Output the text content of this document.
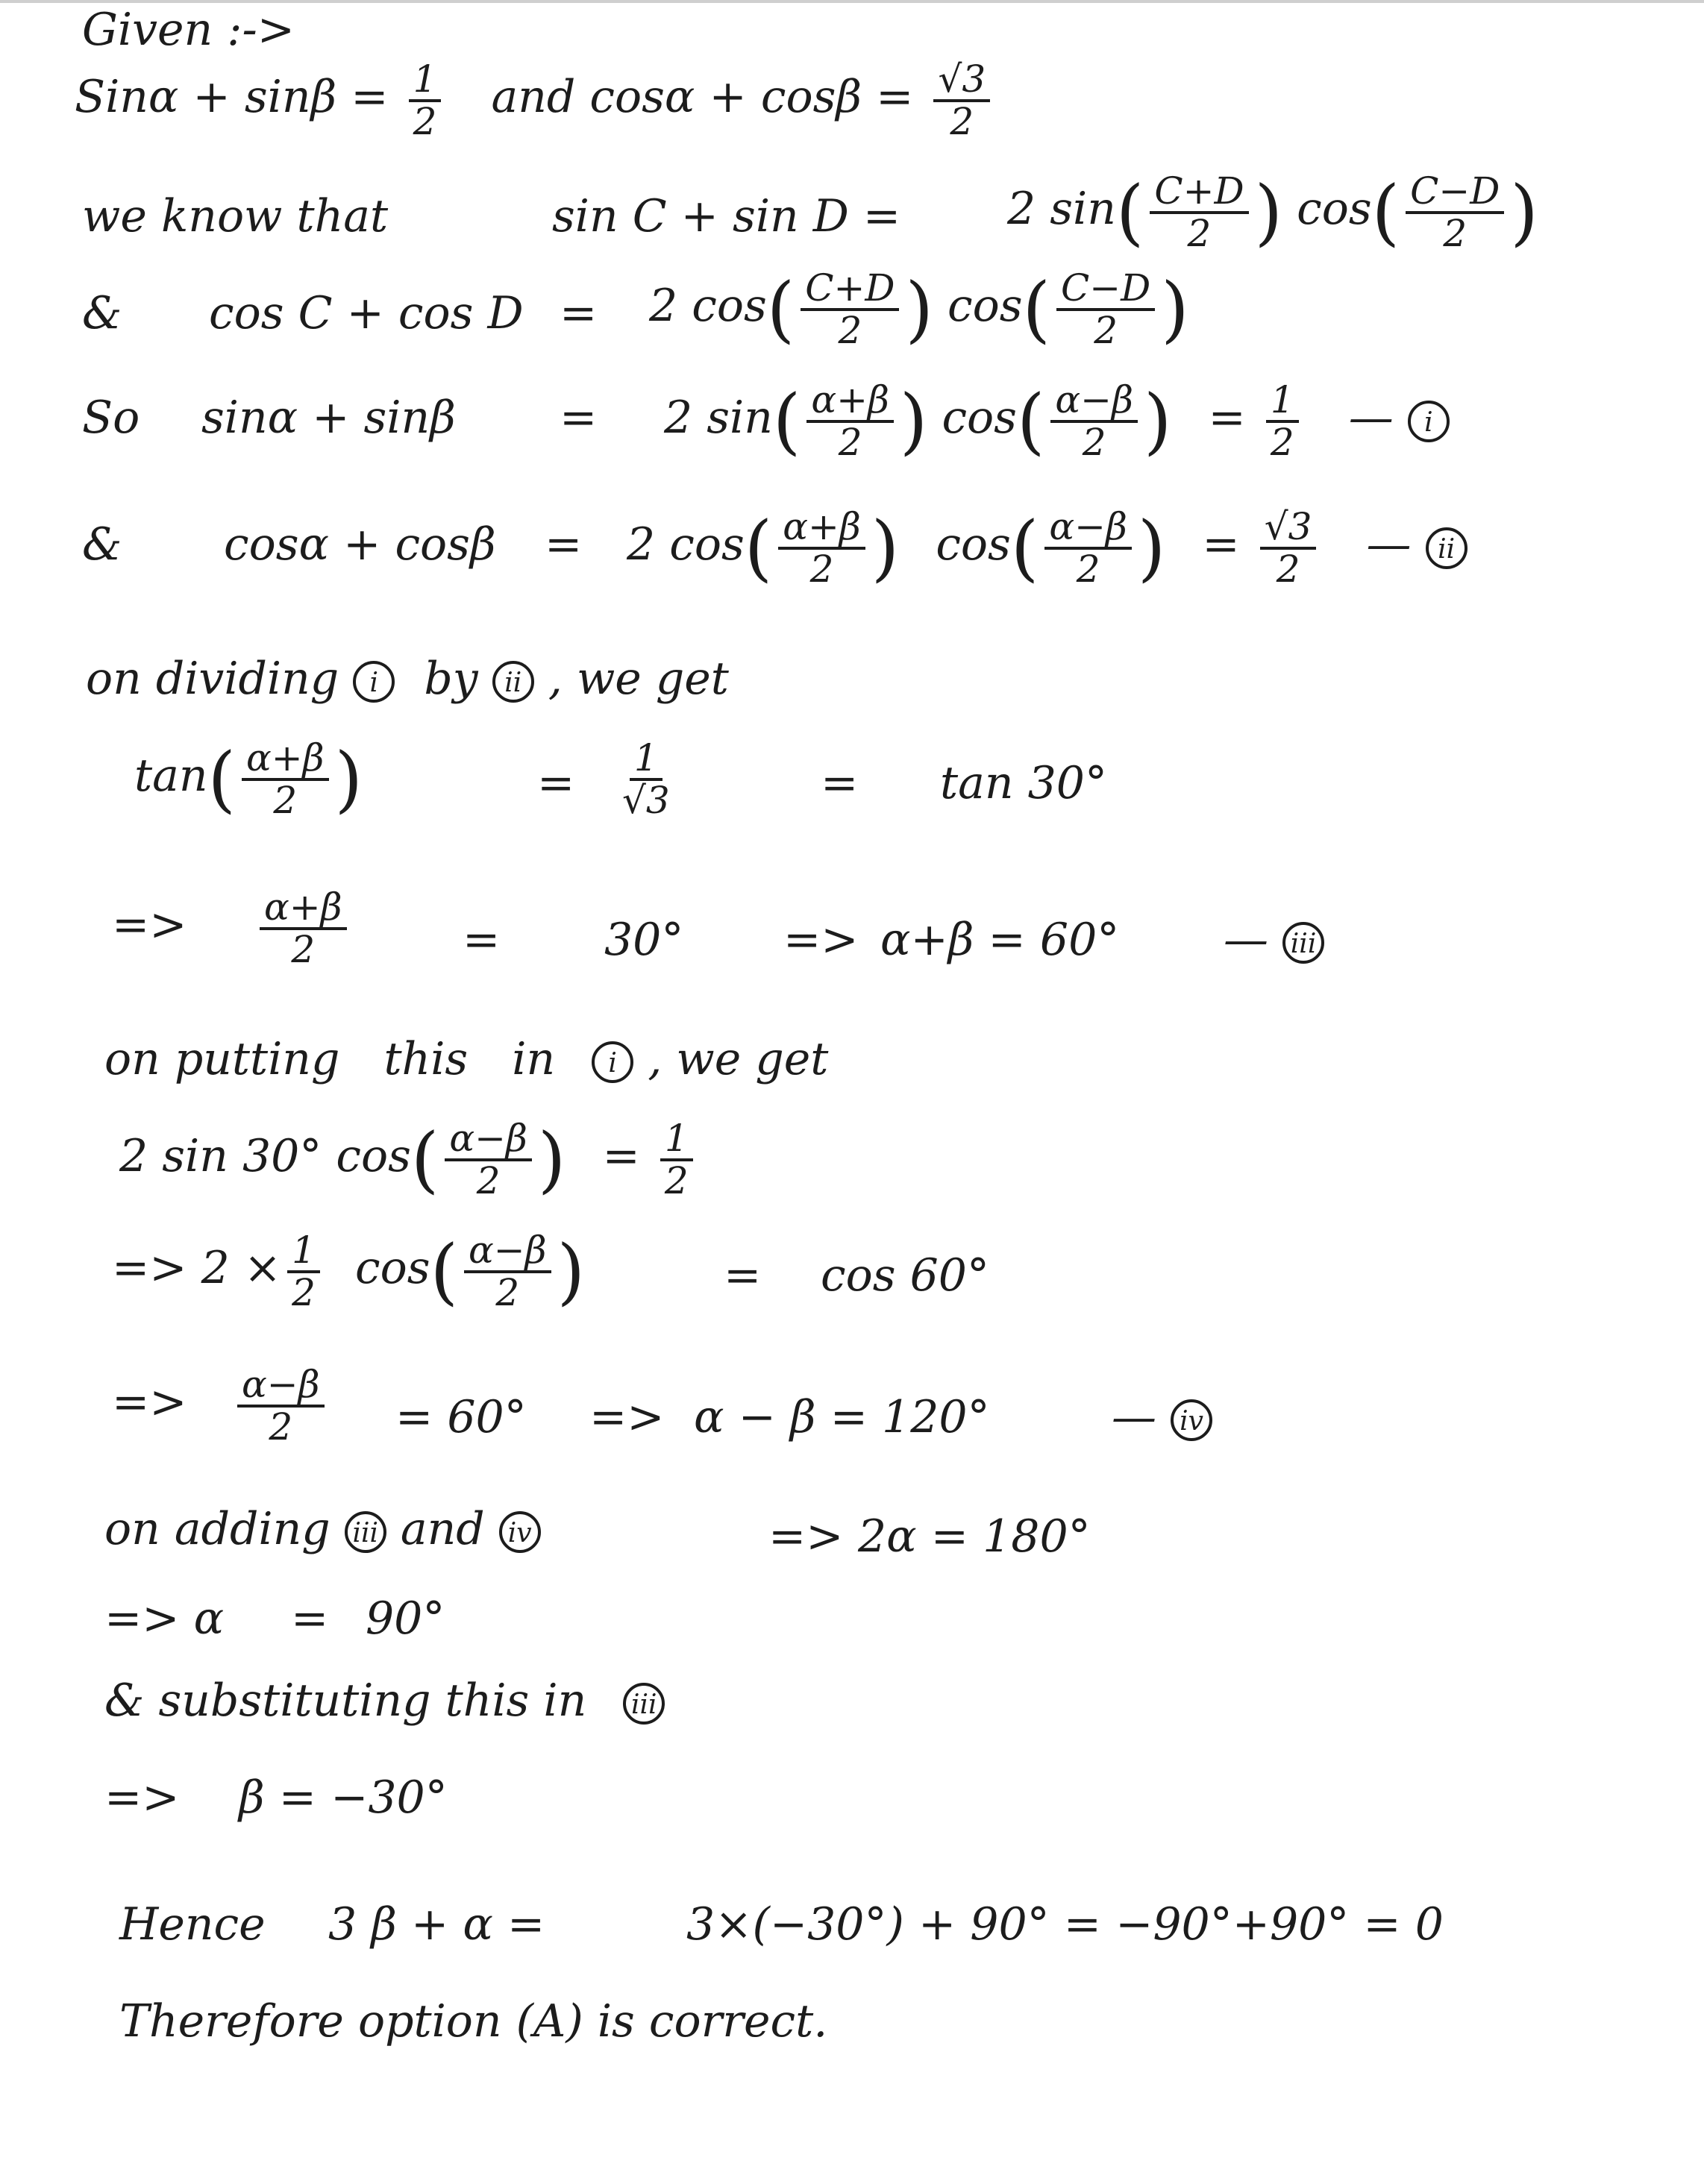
Given :->
$Sin\alpha + \sin\beta = \frac{1}{2}$ and $\cos\alpha + \cos\beta = \frac{√3}{2}$
we know that	sin C + sin D = 2 $\sin( \frac{C+D}{2}$ ) $\cos( \frac{C-D}{2}$ )
& cos C + cos D = 2 $\cos( \frac{C+D}{2}$ ) $\cos( \frac{C-D}{2}$ )
So sinα + sinβ = 2 $\sin( \frac{\alpha+\beta}{2}$ ) $\cos( \frac{\alpha-\beta}{2}$ ) = $\frac{1}{2}$ — i
& cosα + cosβ = 2 $\cos( \frac{\alpha+\beta}{2}$ ) $\cos( \frac{\alpha-\beta}{2}$ ) = $\frac{√3}{2}$ — ii
on dividing i by ii , we get
$\tan( \frac{\alpha+\beta}{2}$ )	= $\frac{1}{√3}$	= tan 30°
=> $\frac{\alpha+\beta}{2}$	= 30° => α+β = 60° — iii
on putting this in i , we get
2 sin 30° $\cos( \frac{\alpha-\beta}{2}$ ) = $\frac{1}{2}$
=> $2 \times \frac{1}{2} \cos( \frac{\alpha-\beta}{2}$ )	= cos 60°
=> $\frac{\alpha-\beta}{2} = 60^\circ => \alpha - \beta = 120^\circ$	— iv
on adding iii and iv	=> 2α = 180°
=> α = 90°
& substituting this in iii
=> β = −30°
Hence 3 β + α =	3×(−30°) + 90° = −90°+90° = 0
Therefore option (A) is correct.
